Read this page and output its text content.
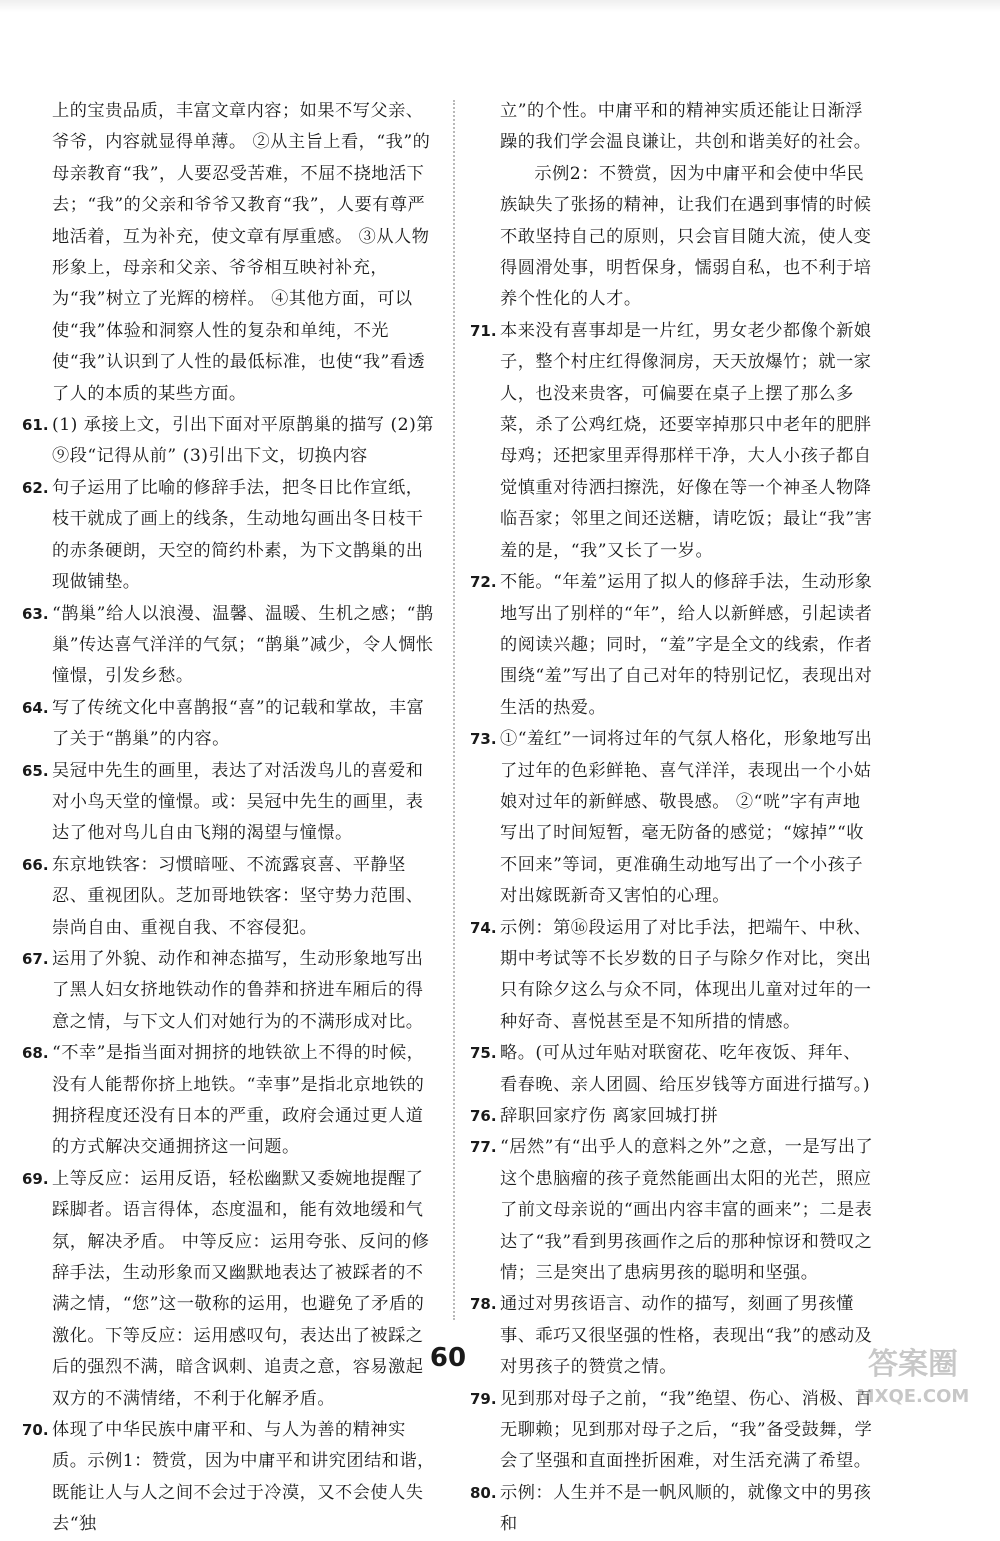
上的宝贵品质，丰富文章内容；如果不写父亲、爷爷，内容就显得单薄。 ②从主旨上看，“我”的母亲教育“我”，人要忍受苦难，不屈不挠地活下去；“我”的父亲和爷爷又教育“我”，人要有尊严地活着，互为补充，使文章有厚重感。 ③从人物形象上，母亲和父亲、爷爷相互映衬补充，为“我”树立了光辉的榜样。 ④其他方面，可以使“我”体验和洞察人性的复杂和单纯，不光使“我”认识到了人性的最低标准，也使“我”看透了人的本质的某些方面。
61. (1) 承接上文，引出下面对平原鹊巢的描写 (2)第⑨段“记得从前” (3)引出下文，切换内容
62. 句子运用了比喻的修辞手法，把冬日比作宣纸，枝干就成了画上的线条，生动地勾画出冬日枝干的赤条硬朗，天空的简约朴素，为下文鹊巢的出现做铺垫。
63. “鹊巢”给人以浪漫、温馨、温暖、生机之感；“鹊巢”传达喜气洋洋的气氛；“鹊巢”减少，令人惆怅憧憬，引发乡愁。
64. 写了传统文化中喜鹊报“喜”的记载和掌故，丰富了关于“鹊巢”的内容。
65. 吴冠中先生的画里，表达了对活泼鸟儿的喜爱和对小鸟天堂的憧憬。或：吴冠中先生的画里，表达了他对鸟儿自由飞翔的渴望与憧憬。
66. 东京地铁客：习惯暗哑、不流露哀喜、平静坚忍、重视团队。芝加哥地铁客：坚守势力范围、崇尚自由、重视自我、不容侵犯。
67. 运用了外貌、动作和神态描写，生动形象地写出了黑人妇女挤地铁动作的鲁莽和挤进车厢后的得意之情，与下文人们对她行为的不满形成对比。
68. “不幸”是指当面对拥挤的地铁欲上不得的时候，没有人能帮你挤上地铁。“幸事”是指北京地铁的拥挤程度还没有日本的严重，政府会通过更人道的方式解决交通拥挤这一问题。
69. 上等反应：运用反语，轻松幽默又委婉地提醒了踩脚者。语言得体，态度温和，能有效地缓和气氛，解决矛盾。 中等反应：运用夸张、反问的修辞手法，生动形象而又幽默地表达了被踩者的不满之情，“您”这一敬称的运用，也避免了矛盾的激化。下等反应：运用感叹句，表达出了被踩之后的强烈不满，暗含讽刺、追责之意，容易激起双方的不满情绪，不利于化解矛盾。
70. 体现了中华民族中庸平和、与人为善的精神实质。示例1：赞赏，因为中庸平和讲究团结和谐，既能让人与人之间不会过于冷漠，又不会使人失去“独
立”的个性。中庸平和的精神实质还能让日渐浮躁的我们学会温良谦让，共创和谐美好的社会。
示例2：不赞赏，因为中庸平和会使中华民族缺失了张扬的精神，让我们在遇到事情的时候不敢坚持自己的原则，只会盲目随大流，使人变得圆滑处事，明哲保身，懦弱自私，也不利于培养个性化的人才。
71. 本来没有喜事却是一片红，男女老少都像个新娘子，整个村庄红得像洞房，天天放爆竹；就一家人，也没来贵客，可偏要在桌子上摆了那么多菜，杀了公鸡红烧，还要宰掉那只中老年的肥胖母鸡；还把家里弄得那样干净，大人小孩子都自觉慎重对待洒扫擦洗，好像在等一个神圣人物降临吾家；邻里之间还送糖，请吃饭；最让“我”害羞的是，“我”又长了一岁。
72. 不能。“年羞”运用了拟人的修辞手法，生动形象地写出了别样的“年”，给人以新鲜感，引起读者的阅读兴趣；同时，“羞”字是全文的线索，作者围绕“羞”写出了自己对年的特别记忆，表现出对生活的热爱。
73. ①“羞红”一词将过年的气氛人格化，形象地写出了过年的色彩鲜艳、喜气洋洋，表现出一个小姑娘对过年的新鲜感、敬畏感。 ②“咣”字有声地写出了时间短暂，毫无防备的感觉；“嫁掉”“收不回来”等词，更准确生动地写出了一个小孩子对出嫁既新奇又害怕的心理。
74. 示例：第⑯段运用了对比手法，把端午、中秋、期中考试等不长岁数的日子与除夕作对比，突出只有除夕这么与众不同，体现出儿童对过年的一种好奇、喜悦甚至是不知所措的情感。
75. 略。(可从过年贴对联窗花、吃年夜饭、拜年、看春晚、亲人团圆、给压岁钱等方面进行描写。)
76. 辞职回家疗伤 离家回城打拼
77. “居然”有“出乎人的意料之外”之意，一是写出了这个患脑瘤的孩子竟然能画出太阳的光芒，照应了前文母亲说的“画出内容丰富的画来”；二是表达了“我”看到男孩画作之后的那种惊讶和赞叹之情；三是突出了患病男孩的聪明和坚强。
78. 通过对男孩语言、动作的描写，刻画了男孩懂事、乖巧又很坚强的性格，表现出“我”的感动及对男孩子的赞赏之情。
79. 见到那对母子之前，“我”绝望、伤心、消极、百无聊赖；见到那对母子之后，“我”备受鼓舞，学会了坚强和直面挫折困难，对生活充满了希望。
80. 示例：人生并不是一帆风顺的，就像文中的男孩和
60	答案圈
MXQE.COM
